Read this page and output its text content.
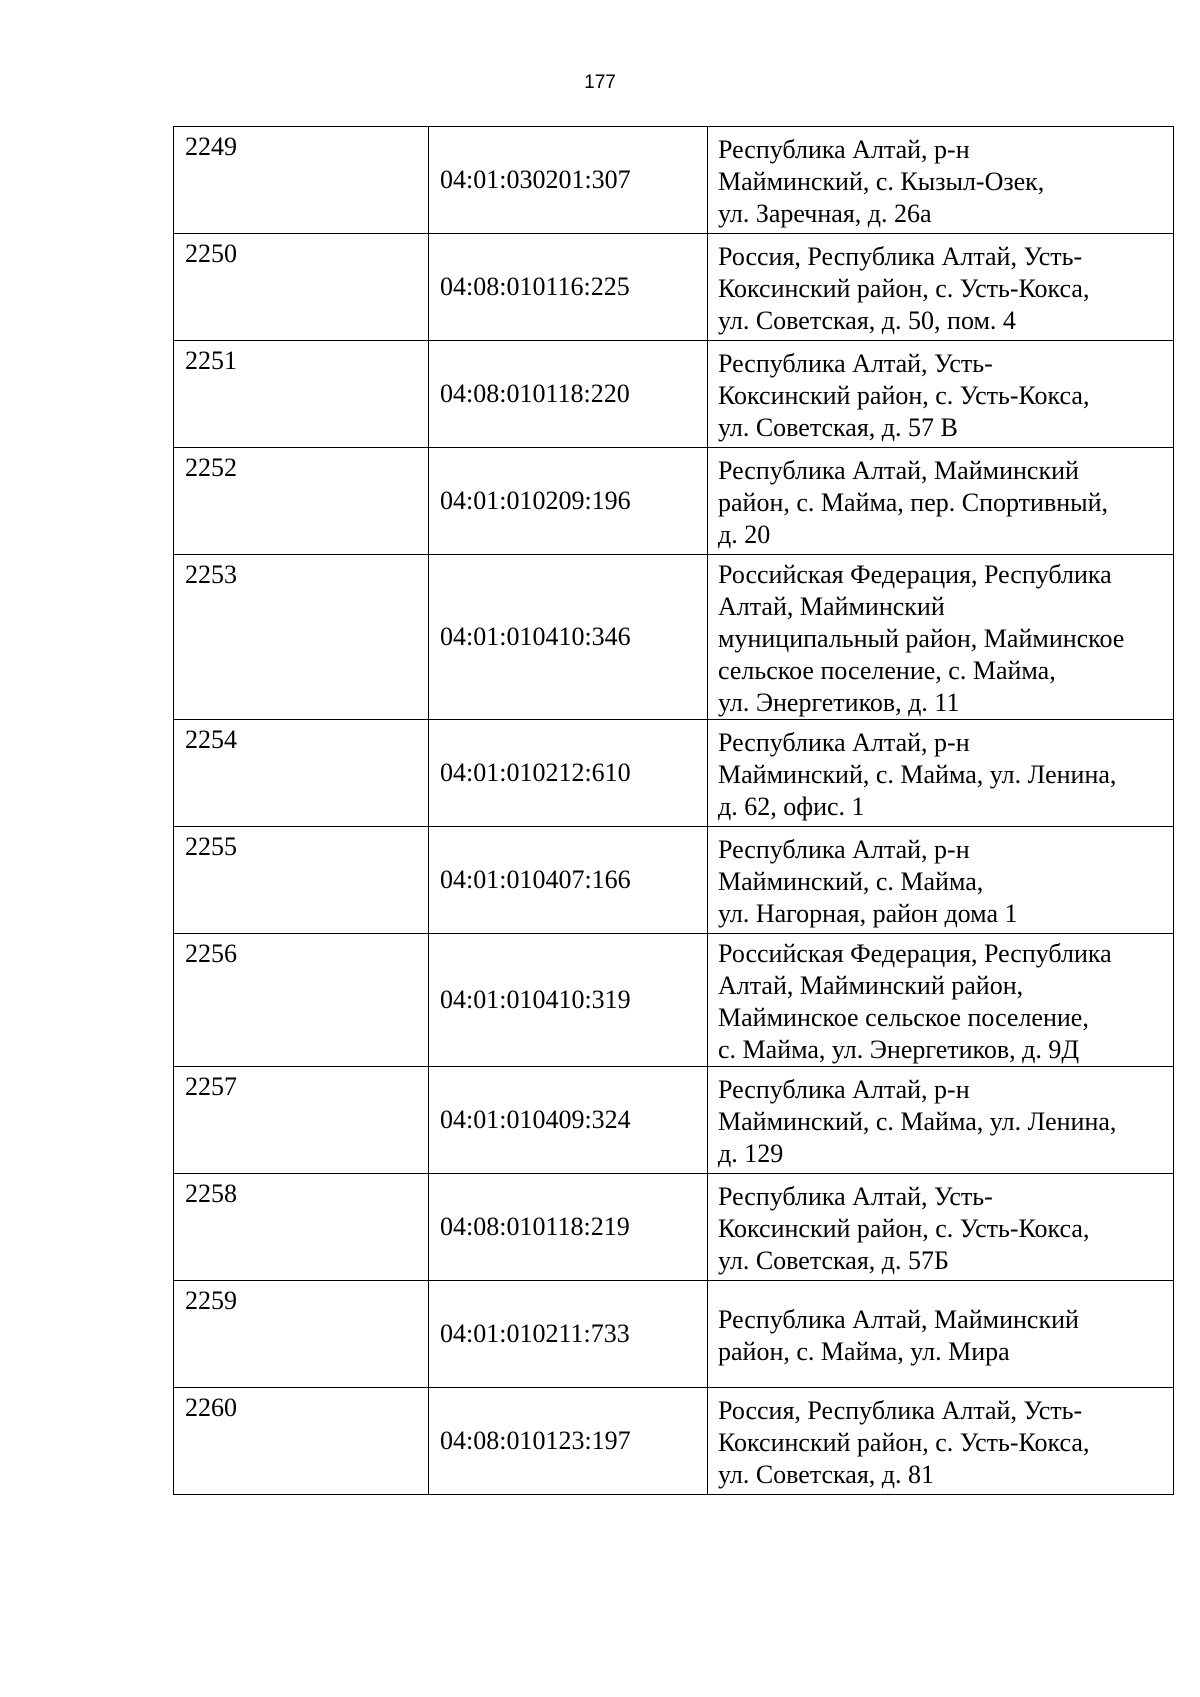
177
2249	04:01:030201:307	Республика Алтай, р-н
Майминский, с. Кызыл-Озек,
ул. Заречная, д. 26а

2250	04:08:010116:225	Россия, Республика Алтай, Усть-
Коксинский район, с. Усть-Кокса,
ул. Советская, д. 50, пом. 4

2251	04:08:010118:220	Республика Алтай, Усть-
Коксинский район, с. Усть-Кокса,
ул. Советская, д. 57 В

2252	04:01:010209:196	Республика Алтай, Майминский
район, с. Майма, пер. Спортивный,
д. 20

2253	04:01:010410:346	Российская Федерация, Республика
Алтай, Майминский
муниципальный район, Майминское
сельское поселение, с. Майма,
ул. Энергетиков, д. 11

2254	04:01:010212:610	Республика Алтай, р-н
Майминский, с. Майма, ул. Ленина,
д. 62, офис. 1

2255	04:01:010407:166	Республика Алтай, р-н
Майминский, с. Майма,
ул. Нагорная, район дома 1

2256	04:01:010410:319	Российская Федерация, Республика
Алтай, Майминский район,
Майминское сельское поселение,
с. Майма, ул. Энергетиков, д. 9Д

2257	04:01:010409:324	Республика Алтай, р-н
Майминский, с. Майма, ул. Ленина,
д. 129

2258	04:08:010118:219	Республика Алтай, Усть-
Коксинский район, с. Усть-Кокса,
ул. Советская, д. 57Б

2259	04:01:010211:733	Республика Алтай, Майминский
район, с. Майма, ул. Мира

2260	04:08:010123:197	Россия, Республика Алтай, Усть-
Коксинский район, с. Усть-Кокса,
ул. Советская, д. 81
